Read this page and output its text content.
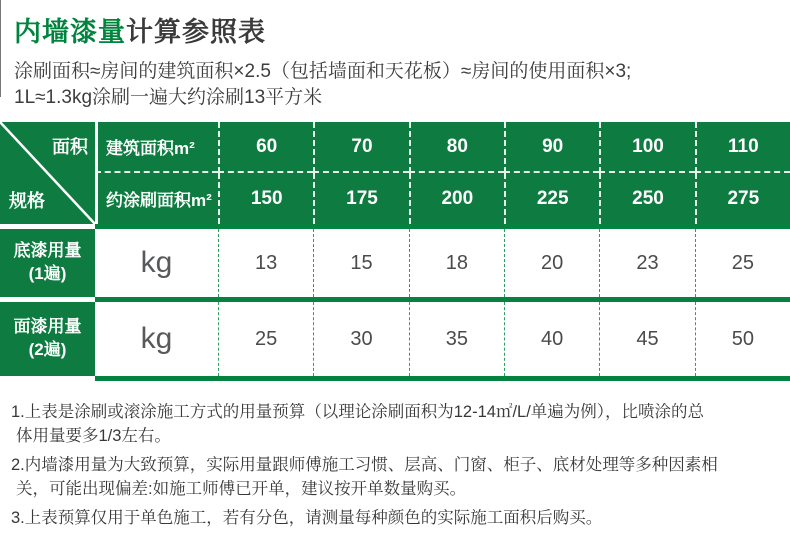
内墙漆量计算参照表
涂刷面积≈房间的建筑面积×2.5（包括墙面和天花板）≈房间的使用面积×3;
1L≈1.3kg涂刷一遍大约涂刷13平方米
面积
规格
建筑面积m²	60	70	80	90	100	110
约涂刷面积m²	150	175	200	225	250	275
底漆用量
(1遍)	kg	13	15	18	20	23	25
面漆用量
(2遍)	kg	25	30	35	40	45	50
1.上表是涂刷或滚涂施工方式的用量预算（以理论涂刷面积为12-14㎡/L/单遍为例），比喷涂的总
体用量要多1/3左右。
2.内墙漆用量为大致预算，实际用量跟师傅施工习惯、层高、门窗、柜子、底材处理等多种因素相
关，可能出现偏差:如施工师傅已开单，建议按开单数量购买。
3.上表预算仅用于单色施工，若有分色，请测量每种颜色的实际施工面积后购买。
